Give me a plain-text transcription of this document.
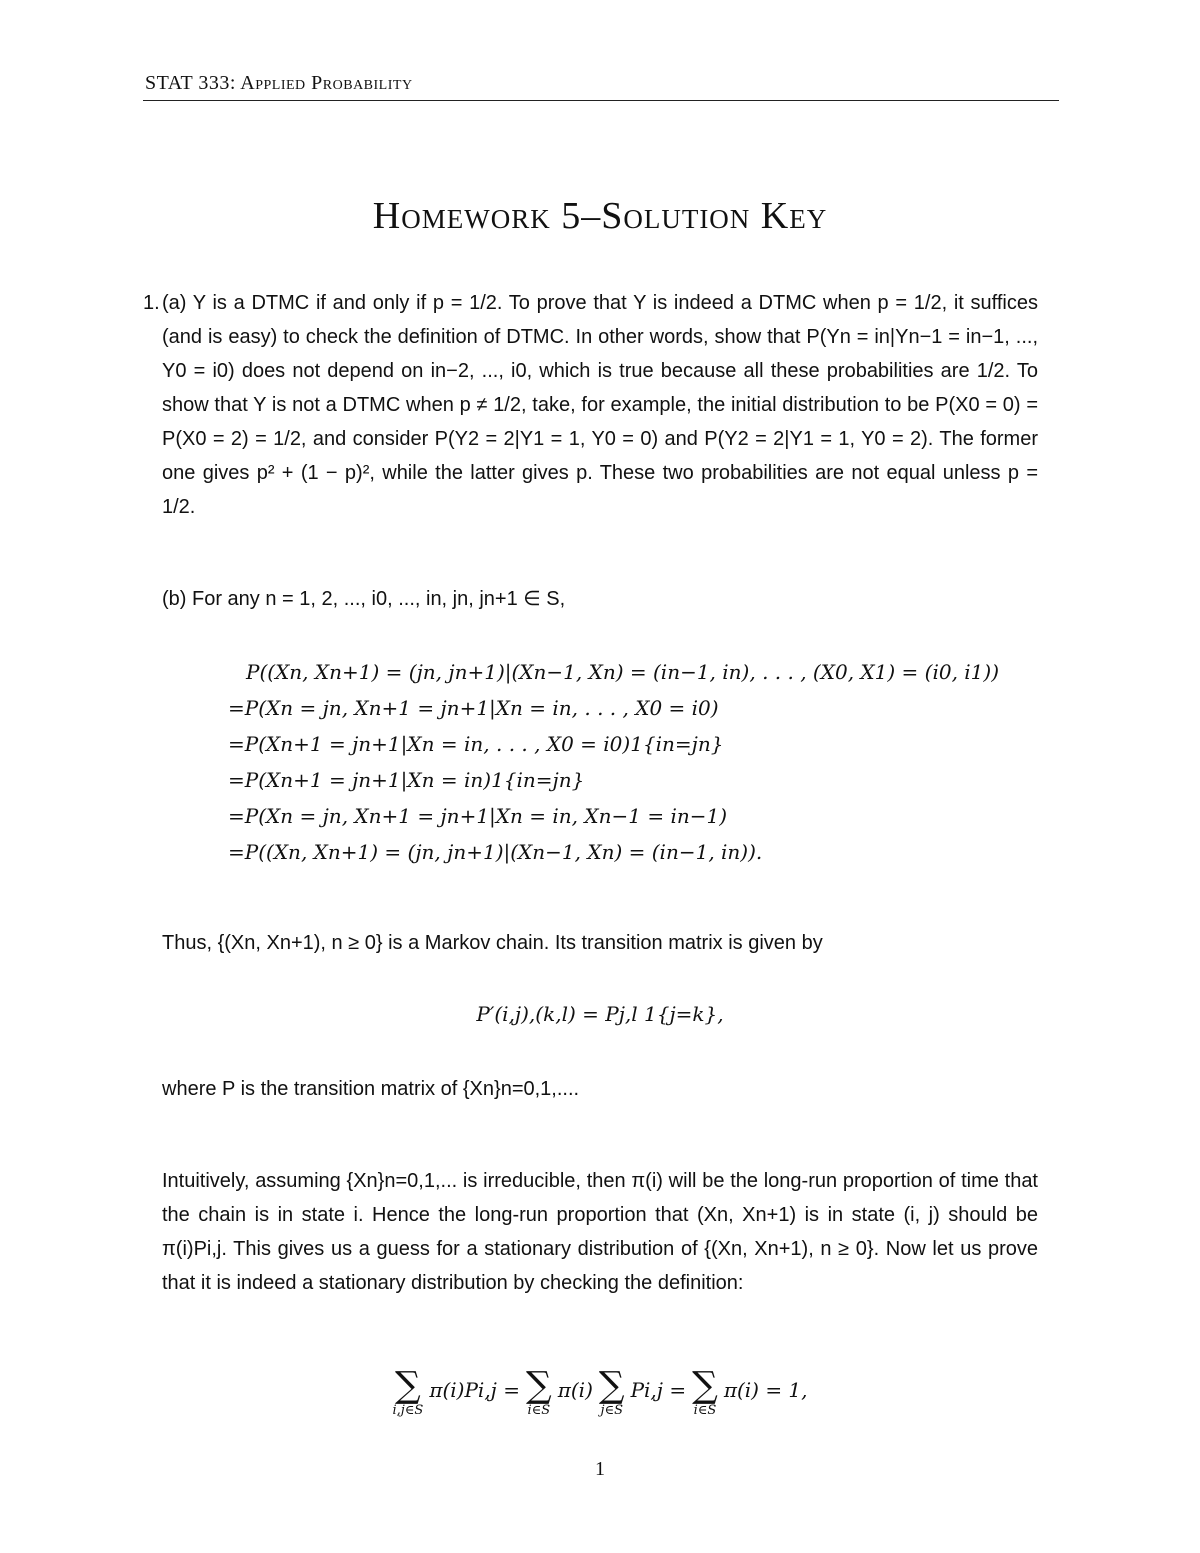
STAT 333: Applied Probability
Homework 5–Solution Key
1. (a) Y is a DTMC if and only if p = 1/2. To prove that Y is indeed a DTMC when p = 1/2, it suffices (and is easy) to check the definition of DTMC. In other words, show that P(Yn = in|Yn−1 = in−1, ..., Y0 = i0) does not depend on in−2, ..., i0, which is true because all these probabilities are 1/2. To show that Y is not a DTMC when p ≠ 1/2, take, for example, the initial distribution to be P(X0 = 0) = P(X0 = 2) = 1/2, and consider P(Y2 = 2|Y1 = 1, Y0 = 0) and P(Y2 = 2|Y1 = 1, Y0 = 2). The former one gives p² + (1 − p)², while the latter gives p. These two probabilities are not equal unless p = 1/2.
(b) For any n = 1, 2, ..., i0, ..., in, jn, jn+1 ∈ S,
P((Xn, Xn+1) = (jn, jn+1)|(Xn−1, Xn) = (in−1, in), . . . , (X0, X1) = (i0, i1))
=P(Xn = jn, Xn+1 = jn+1|Xn = in, . . . , X0 = i0)
=P(Xn+1 = jn+1|Xn = in, . . . , X0 = i0)1{in=jn}
=P(Xn+1 = jn+1|Xn = in)1{in=jn}
=P(Xn = jn, Xn+1 = jn+1|Xn = in, Xn−1 = in−1)
=P((Xn, Xn+1) = (jn, jn+1)|(Xn−1, Xn) = (in−1, in)).
Thus, {(Xn, Xn+1), n ≥ 0} is a Markov chain. Its transition matrix is given by
P′(i,j),(k,l) = Pj,l 1{j=k},
where P is the transition matrix of {Xn}n=0,1,....
Intuitively, assuming {Xn}n=0,1,... is irreducible, then π(i) will be the long-run proportion of time that the chain is in state i. Hence the long-run proportion that (Xn, Xn+1) is in state (i, j) should be π(i)Pi,j. This gives us a guess for a stationary distribution of {(Xn, Xn+1), n ≥ 0}. Now let us prove that it is indeed a stationary distribution by checking the definition:
∑
i,j∈S
π(i)Pi,j = ∑
i∈S
π(i) ∑
j∈S
Pi,j = ∑
i∈S
π(i) = 1,
1
